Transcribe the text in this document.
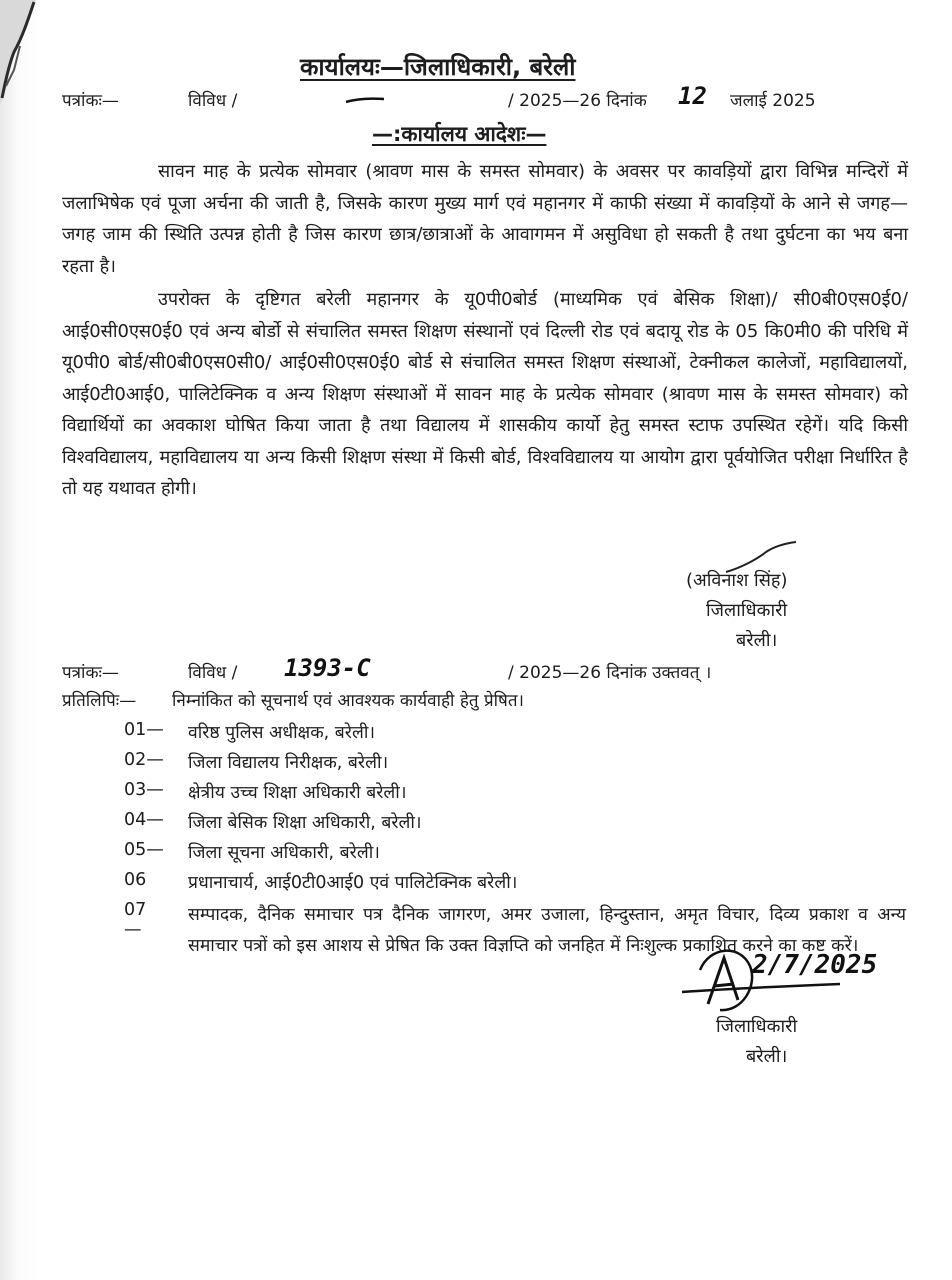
कार्यालयः—जिलाधिकारी, बरेली
पत्रांकः—	विविध /	/ 2025—26 दिनांक 12 जलाई 2025
—:कार्यालय आदेशः—

सावन माह के प्रत्येक सोमवार (श्रावण मास के समस्त सोमवार) के अवसर पर कावड़ियों द्वारा विभिन्न मन्दिरों में जलाभिषेक एवं पूजा अर्चना की जाती है, जिसके कारण मुख्य मार्ग एवं महानगर में काफी संख्या में कावड़ियों के आने से जगह—जगह जाम की स्थिति उत्पन्न होती है जिस कारण छात्र/छात्राओं के आवागमन में असुविधा हो सकती है तथा दुर्घटना का भय बना रहता है।

उपरोक्त के दृष्टिगत बरेली महानगर के यू0पी0बोर्ड (माध्यमिक एवं बेसिक शिक्षा)/ सी0बी0एस0ई0/आई0सी0एस0ई0 एवं अन्य बोर्डो से संचालित समस्त शिक्षण संस्थानों एवं दिल्ली रोड एवं बदायू रोड के 05 कि0मी0 की परिधि में यू0पी0 बोर्ड/सी0बी0एस0सी0/ आई0सी0एस0ई0 बोर्ड से संचालित समस्त शिक्षण संस्थाओं, टेक्नीकल कालेजों, महाविद्यालयों, आई0टी0आई0, पालिटेक्निक व अन्य शिक्षण संस्थाओं में सावन माह के प्रत्येक सोमवार (श्रावण मास के समस्त सोमवार) को विद्यार्थियों का अवकाश घोषित किया जाता है तथा विद्यालय में शासकीय कार्यो हेतु समस्त स्टाफ उपस्थित रहेगें। यदि किसी विश्वविद्यालय, महाविद्यालय या अन्य किसी शिक्षण संस्था में किसी बोर्ड, विश्वविद्यालय या आयोग द्वारा पूर्वयोजित परीक्षा निर्धारित है तो यह यथावत होगी।

(अविनाश सिंह)
जिलाधिकारी
बरेली।
पत्रांकः—	विविध / 1393-C	/ 2025—26 दिनांक उक्तवत् ।
प्रतिलिपिः— निम्नांकित को सूचनार्थ एवं आवश्यक कार्यवाही हेतु प्रेषित।
01— वरिष्ठ पुलिस अधीक्षक, बरेली।
02— जिला विद्यालय निरीक्षक, बरेली।
03— क्षेत्रीय उच्च शिक्षा अधिकारी बरेली।
04— जिला बेसिक शिक्षा अधिकारी, बरेली।
05— जिला सूचना अधिकारी, बरेली।
06 प्रधानाचार्य, आई0टी0आई0 एवं पालिटेक्निक बरेली।
07—

सम्पादक, दैनिक समाचार पत्र दैनिक जागरण, अमर उजाला, हिन्दुस्तान, अमृत विचार, दिव्य प्रकाश व अन्य समाचार पत्रों को इस आशय से प्रेषित कि उक्त विज्ञप्ति को जनहित में निःशुल्क प्रकाशित करने का कष्ट करें।

2/7/2025
जिलाधिकारी
बरेली।
